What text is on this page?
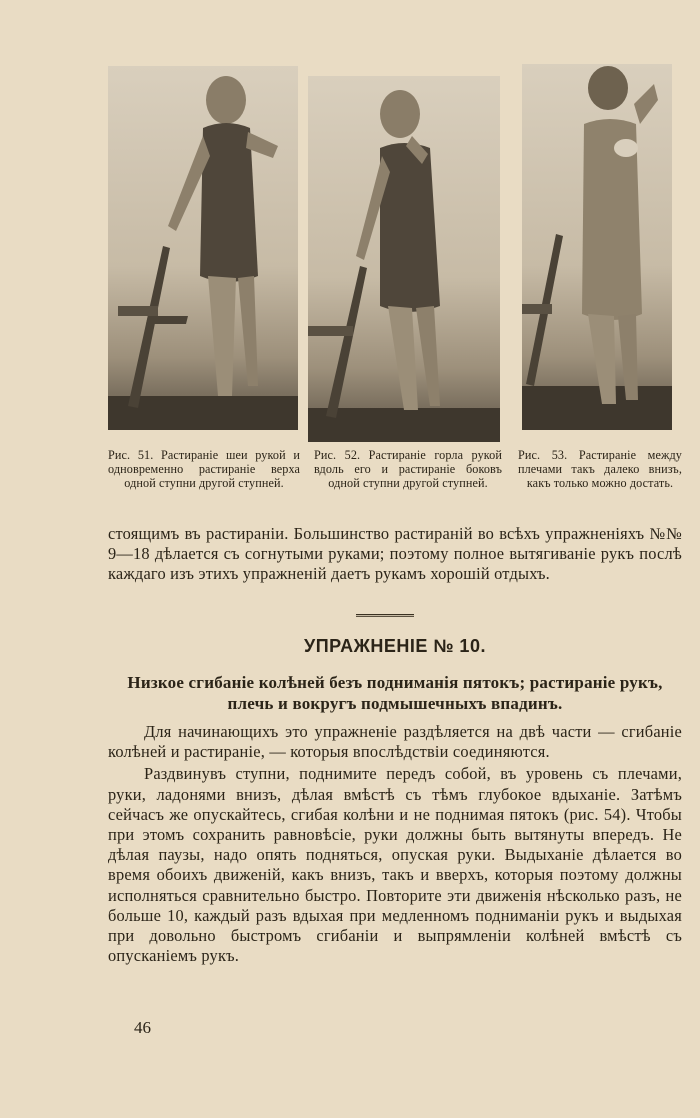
Рис. 51. Растираніе шеи рукой и одновременно растираніе верха одной ступни другой ступней.
Рис. 52. Растираніе горла рукой вдоль его и растираніе боковъ одной ступни другой ступней.
Рис. 53. Растираніе между плечами такъ далеко внизъ, какъ только можно достать.

стоящимъ въ растираніи. Большинство растираній во всѣхъ упражненіяхъ №№ 9—18 дѣлается съ согнутыми руками; поэтому полное вытягиваніе рукъ послѣ каждаго изъ этихъ упражненій даетъ рукамъ хорошій отдыхъ.

УПРАЖНЕНІЕ № 10.
Низкое сгибаніе колѣней безъ подниманія пятокъ; растираніе рукъ, плечь и вокругъ подмышечныхъ впадинъ.

Для начинающихъ это упражненіе раздѣляется на двѣ части — сгибаніе колѣней и растираніе, — которыя впослѣдствіи соединяются.

Раздвинувъ ступни, поднимите передъ собой, въ уровень съ плечами, руки, ладонями внизъ, дѣлая вмѣстѣ съ тѣмъ глубокое вдыханіе. Затѣмъ сейчасъ же опускайтесь, сгибая колѣни и не поднимая пятокъ (рис. 54). Чтобы при этомъ сохранить равновѣсіе, руки должны быть вытянуты впередъ. Не дѣлая паузы, надо опять подняться, опуская руки. Выдыханіе дѣлается во время обоихъ движеній, какъ внизъ, такъ и вверхъ, которыя поэтому должны исполняться сравнительно быстро. Повторите эти движенія нѣсколько разъ, не больше 10, каждый разъ вдыхая при медленномъ подниманіи рукъ и выдыхая при довольно быстромъ сгибаніи и выпрямленіи колѣней вмѣстѣ съ опусканіемъ рукъ.

46
